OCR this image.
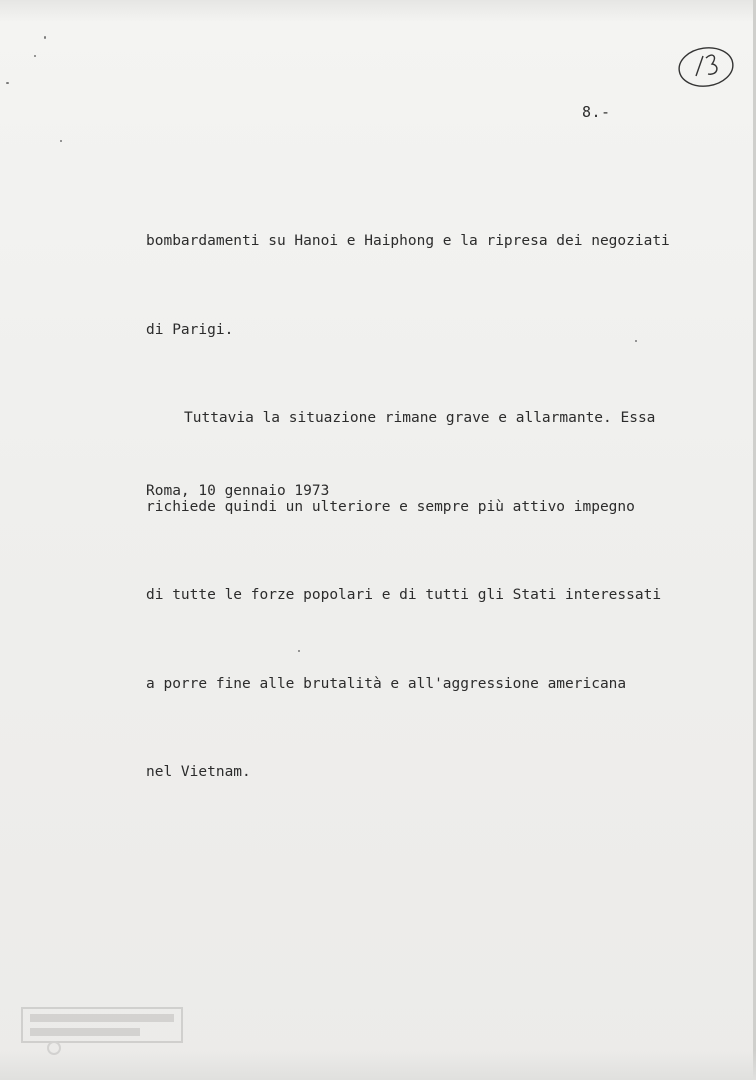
8.-

bombardamenti su Hanoi e Haiphong e la ripresa dei negoziati

di Parigi.

Tuttavia la situazione rimane grave e allarmante. Essa

richiede quindi un ulteriore e sempre più attivo impegno

di tutte le forze popolari e di tutti gli Stati interessati

a porre fine alle brutalità e all'aggressione americana

nel Vietnam.

Roma, 10 gennaio 1973
